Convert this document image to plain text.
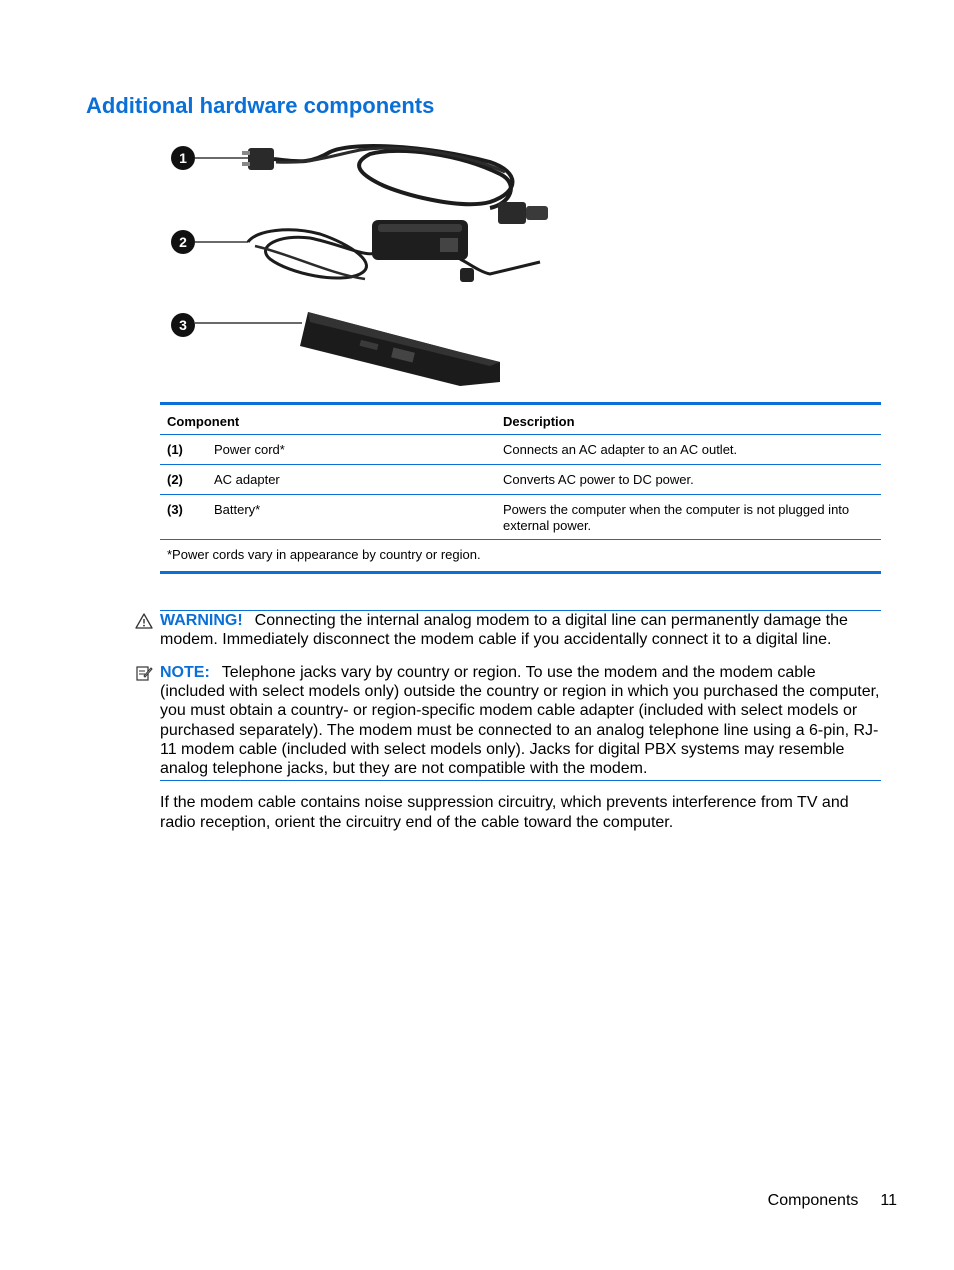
Additional hardware components
1
2
3
Component	Description
(1) Power cord*	Connects an AC adapter to an AC outlet.
(2) AC adapter	Converts AC power to DC power.
(3) Battery*	Powers the computer when the computer is not plugged into external power.
*Power cords vary in appearance by country or region.
WARNING! Connecting the internal analog modem to a digital line can permanently damage the modem. Immediately disconnect the modem cable if you accidentally connect it to a digital line.
NOTE: Telephone jacks vary by country or region. To use the modem and the modem cable (included with select models only) outside the country or region in which you purchased the computer, you must obtain a country- or region-specific modem cable adapter (included with select models or purchased separately). The modem must be connected to an analog telephone line using a 6-pin, RJ-11 modem cable (included with select models only). Jacks for digital PBX systems may resemble analog telephone jacks, but they are not compatible with the modem.
If the modem cable contains noise suppression circuitry, which prevents interference from TV and radio reception, orient the circuitry end of the cable toward the computer.
Components 11
